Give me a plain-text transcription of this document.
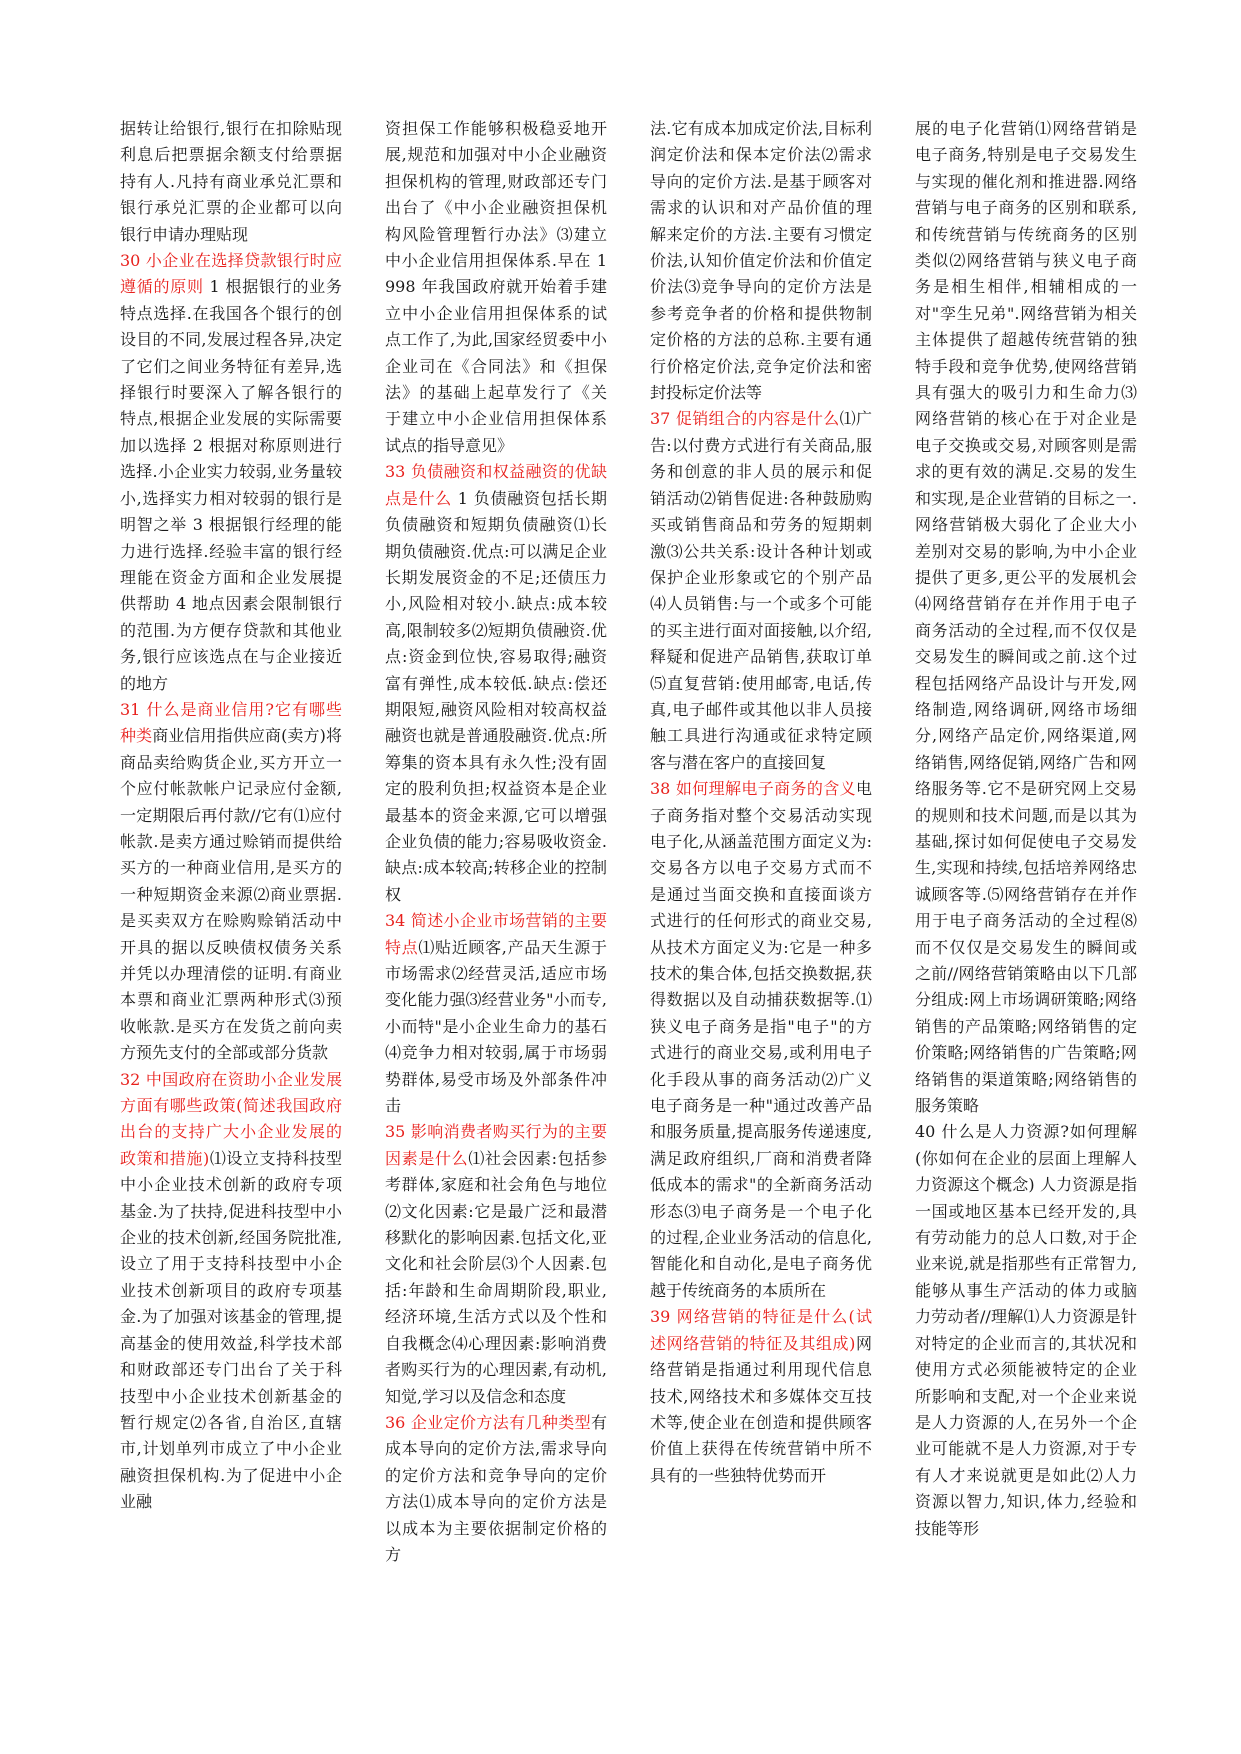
据转让给银行,银行在扣除贴现利息后把票据余额支付给票据持有人.凡持有商业承兑汇票和银行承兑汇票的企业都可以向银行申请办理贴现
30 小企业在选择贷款银行时应遵循的原则 1 根据银行的业务特点选择.在我国各个银行的创设目的不同,发展过程各异,决定了它们之间业务特征有差异,选择银行时要深入了解各银行的特点,根据企业发展的实际需要加以选择 2 根据对称原则进行选择.小企业实力较弱,业务量较小,选择实力相对较弱的银行是明智之举 3 根据银行经理的能力进行选择.经验丰富的银行经理能在资金方面和企业发展提供帮助 4 地点因素会限制银行的范围.为方便存贷款和其他业务,银行应该选点在与企业接近的地方
31 什么是商业信用?它有哪些种类商业信用指供应商(卖方)将商品卖给购货企业,买方开立一个应付帐款帐户记录应付金额,一定期限后再付款//它有⑴应付帐款.是卖方通过赊销而提供给买方的一种商业信用,是买方的一种短期资金来源⑵商业票据.是买卖双方在赊购赊销活动中开具的据以反映债权债务关系并凭以办理清偿的证明.有商业本票和商业汇票两种形式⑶预收帐款.是买方在发货之前向卖方预先支付的全部或部分货款
32 中国政府在资助小企业发展方面有哪些政策(简述我国政府出台的支持广大小企业发展的政策和措施)⑴设立支持科技型中小企业技术创新的政府专项基金.为了扶持,促进科技型中小企业的技术创新,经国务院批准,设立了用于支持科技型中小企业技术创新项目的政府专项基金.为了加强对该基金的管理,提高基金的使用效益,科学技术部和财政部还专门出台了关于科技型中小企业技术创新基金的暂行规定⑵各省,自治区,直辖市,计划单列市成立了中小企业融资担保机构.为了促进中小企业融
资担保工作能够积极稳妥地开展,规范和加强对中小企业融资担保机构的管理,财政部还专门出台了《中小企业融资担保机构风险管理暂行办法》⑶建立中小企业信用担保体系.早在 1998 年我国政府就开始着手建立中小企业信用担保体系的试点工作了,为此,国家经贸委中小企业司在《合同法》和《担保法》的基础上起草发行了《关于建立中小企业信用担保体系试点的指导意见》
33 负债融资和权益融资的优缺点是什么 1 负债融资包括长期负债融资和短期负债融资⑴长期负债融资.优点:可以满足企业长期发展资金的不足;还债压力小,风险相对较小.缺点:成本较高,限制较多⑵短期负债融资.优点:资金到位快,容易取得;融资富有弹性,成本较低.缺点:偿还期限短,融资风险相对较高权益融资也就是普通股融资.优点:所筹集的资本具有永久性;没有固定的股利负担;权益资本是企业最基本的资金来源,它可以增强企业负债的能力;容易吸收资金.缺点:成本较高;转移企业的控制权
34 简述小企业市场营销的主要特点⑴贴近顾客,产品天生源于市场需求⑵经营灵活,适应市场变化能力强⑶经营业务"小而专,小而特"是小企业生命力的基石⑷竞争力相对较弱,属于市场弱势群体,易受市场及外部条件冲击
35 影响消费者购买行为的主要因素是什么⑴社会因素:包括参考群体,家庭和社会角色与地位⑵文化因素:它是最广泛和最潜移默化的影响因素.包括文化,亚文化和社会阶层⑶个人因素.包括:年龄和生命周期阶段,职业,经济环境,生活方式以及个性和自我概念⑷心理因素:影响消费者购买行为的心理因素,有动机,知觉,学习以及信念和态度
36 企业定价方法有几种类型有成本导向的定价方法,需求导向的定价方法和竞争导向的定价方法⑴成本导向的定价方法是以成本为主要依据制定价格的方
法.它有成本加成定价法,目标利润定价法和保本定价法⑵需求导向的定价方法.是基于顾客对需求的认识和对产品价值的理解来定价的方法.主要有习惯定价法,认知价值定价法和价值定价法⑶竞争导向的定价方法是参考竞争者的价格和提供物制定价格的方法的总称.主要有通行价格定价法,竞争定价法和密封投标定价法等
37 促销组合的内容是什么⑴广告:以付费方式进行有关商品,服务和创意的非人员的展示和促销活动⑵销售促进:各种鼓励购买或销售商品和劳务的短期刺激⑶公共关系:设计各种计划或保护企业形象或它的个别产品⑷人员销售:与一个或多个可能的买主进行面对面接触,以介绍,释疑和促进产品销售,获取订单⑸直复营销:使用邮寄,电话,传真,电子邮件或其他以非人员接触工具进行沟通或征求特定顾客与潜在客户的直接回复
38 如何理解电子商务的含义电子商务指对整个交易活动实现电子化,从涵盖范围方面定义为:交易各方以电子交易方式而不是通过当面交换和直接面谈方式进行的任何形式的商业交易,从技术方面定义为:它是一种多技术的集合体,包括交换数据,获得数据以及自动捕获数据等.⑴狭义电子商务是指"电子"的方式进行的商业交易,或利用电子化手段从事的商务活动⑵广义电子商务是一种"通过改善产品和服务质量,提高服务传递速度,满足政府组织,厂商和消费者降低成本的需求"的全新商务活动形态⑶电子商务是一个电子化的过程,企业业务活动的信息化,智能化和自动化,是电子商务优越于传统商务的本质所在
39 网络营销的特征是什么(试述网络营销的特征及其组成)网络营销是指通过利用现代信息技术,网络技术和多媒体交互技术等,使企业在创造和提供顾客价值上获得在传统营销中所不具有的一些独特优势而开
展的电子化营销⑴网络营销是电子商务,特别是电子交易发生与实现的催化剂和推进器.网络营销与电子商务的区别和联系,和传统营销与传统商务的区别类似⑵网络营销与狭义电子商务是相生相伴,相辅相成的一对"孪生兄弟".网络营销为相关主体提供了超越传统营销的独特手段和竞争优势,使网络营销具有强大的吸引力和生命力⑶网络营销的核心在于对企业是电子交换或交易,对顾客则是需求的更有效的满足.交易的发生和实现,是企业营销的目标之一.网络营销极大弱化了企业大小差别对交易的影响,为中小企业提供了更多,更公平的发展机会⑷网络营销存在并作用于电子商务活动的全过程,而不仅仅是交易发生的瞬间或之前.这个过程包括网络产品设计与开发,网络制造,网络调研,网络市场细分,网络产品定价,网络渠道,网络销售,网络促销,网络广告和网络服务等.它不是研究网上交易的规则和技术问题,而是以其为基础,探讨如何促使电子交易发生,实现和持续,包括培养网络忠诚顾客等.⑸网络营销存在并作用于电子商务活动的全过程⑻而不仅仅是交易发生的瞬间或之前//网络营销策略由以下几部分组成:网上市场调研策略;网络销售的产品策略;网络销售的定价策略;网络销售的广告策略;网络销售的渠道策略;网络销售的服务策略
40 什么是人力资源?如何理解(你如何在企业的层面上理解人力资源这个概念) 人力资源是指一国或地区基本已经开发的,具有劳动能力的总人口数,对于企业来说,就是指那些有正常智力,能够从事生产活动的体力或脑力劳动者//理解⑴人力资源是针对特定的企业而言的,其状况和使用方式必须能被特定的企业所影响和支配,对一个企业来说是人力资源的人,在另外一个企业可能就不是人力资源,对于专有人才来说就更是如此⑵人力资源以智力,知识,体力,经验和技能等形
